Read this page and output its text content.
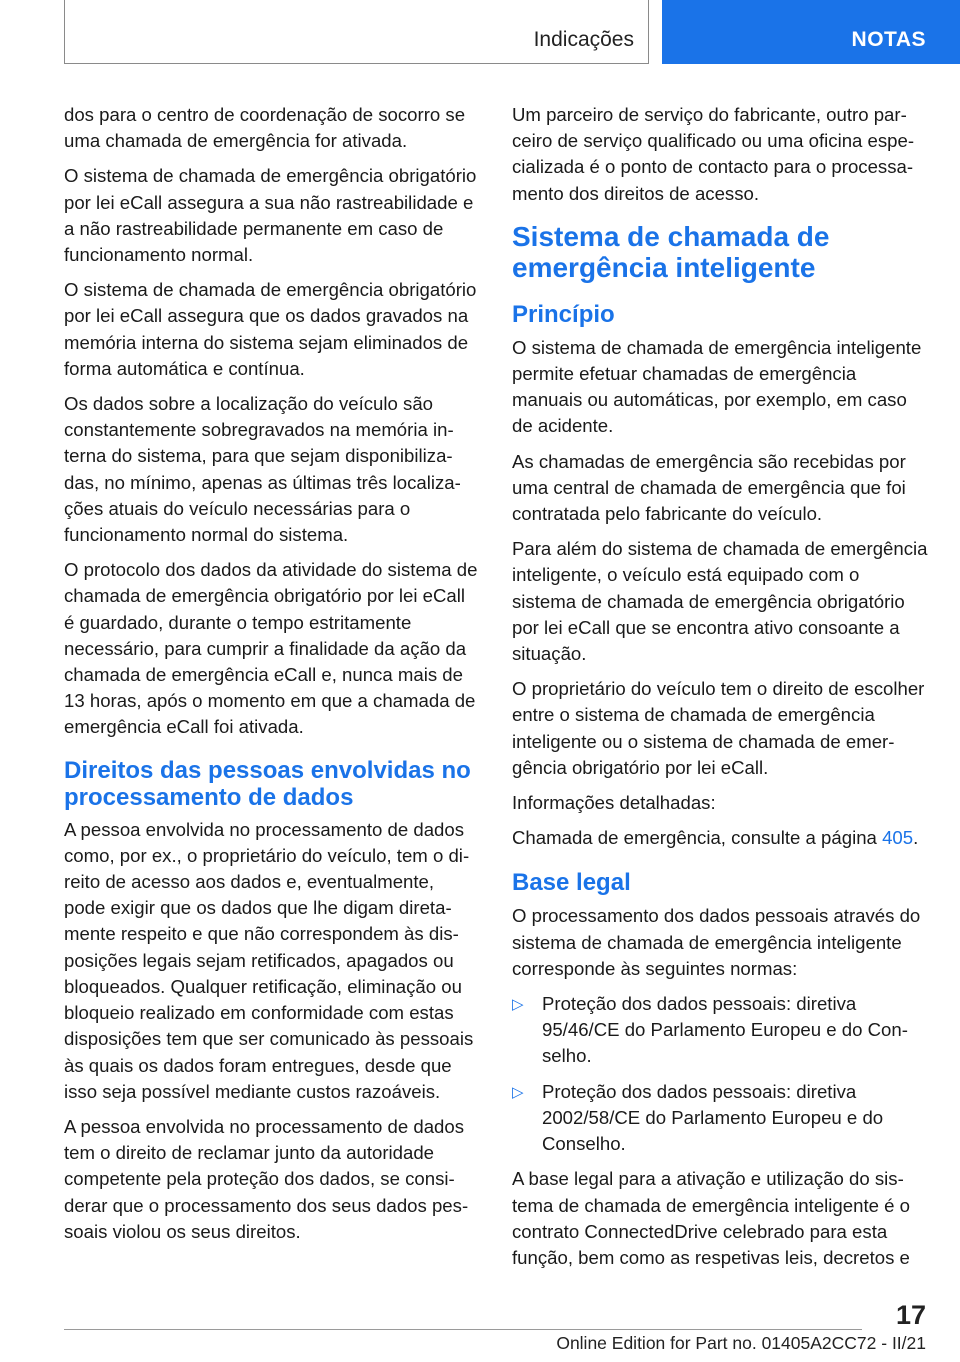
Indicações	NOTAS

dos para o centro de coordenação de socorro se uma chamada de emergência for ativada.

O sistema de chamada de emergência obrigatório por lei eCall assegura a sua não rastreabilidade e a não rastreabilidade permanente em caso de funcionamento normal.

O sistema de chamada de emergência obrigatório por lei eCall assegura que os dados gravados na memória interna do sistema sejam eliminados de forma automática e contínua.

Os dados sobre a localização do veículo são constantemente sobregravados na memória interna do sistema, para que sejam disponibilizadas, no mínimo, apenas as últimas três localizações atuais do veículo necessárias para o funcionamento normal do sistema.

O protocolo dos dados da atividade do sistema de chamada de emergência obrigatório por lei eCall é guardado, durante o tempo estritamente necessário, para cumprir a finalidade da ação da chamada de emergência eCall e, nunca mais de 13 horas, após o momento em que a chamada de emergência eCall foi ativada.

Direitos das pessoas envolvidas no processamento de dados

A pessoa envolvida no processamento de dados como, por ex., o proprietário do veículo, tem o direito de acesso aos dados e, eventualmente, pode exigir que os dados que lhe digam diretamente respeito e que não correspondem às disposições legais sejam retificados, apagados ou bloqueados. Qualquer retificação, eliminação ou bloqueio realizado em conformidade com estas disposições tem que ser comunicado às pessoais às quais os dados foram entregues, desde que isso seja possível mediante custos razoáveis.

A pessoa envolvida no processamento de dados tem o direito de reclamar junto da autoridade competente pela proteção dos dados, se considerar que o processamento dos seus dados pessoais violou os seus direitos.

Um parceiro de serviço do fabricante, outro parceiro de serviço qualificado ou uma oficina especializada é o ponto de contacto para o processamento dos direitos de acesso.

Sistema de chamada de emergência inteligente
Princípio

O sistema de chamada de emergência inteligente permite efetuar chamadas de emergência manuais ou automáticas, por exemplo, em caso de acidente.

As chamadas de emergência são recebidas por uma central de chamada de emergência que foi contratada pelo fabricante do veículo.

Para além do sistema de chamada de emergência inteligente, o veículo está equipado com o sistema de chamada de emergência obrigatório por lei eCall que se encontra ativo consoante a situação.

O proprietário do veículo tem o direito de escolher entre o sistema de chamada de emergência inteligente ou o sistema de chamada de emergência obrigatório por lei eCall.

Informações detalhadas:

Chamada de emergência, consulte a página 405.

Base legal

O processamento dos dados pessoais através do sistema de chamada de emergência inteligente corresponde às seguintes normas:

▷ Proteção dos dados pessoais: diretiva 95/46/CE do Parlamento Europeu e do Conselho.
▷ Proteção dos dados pessoais: diretiva 2002/58/CE do Parlamento Europeu e do Conselho.

A base legal para a ativação e utilização do sistema de chamada de emergência inteligente é o contrato ConnectedDrive celebrado para esta função, bem como as respetivas leis, decretos e

17
Online Edition for Part no. 01405A2CC72 - II/21
